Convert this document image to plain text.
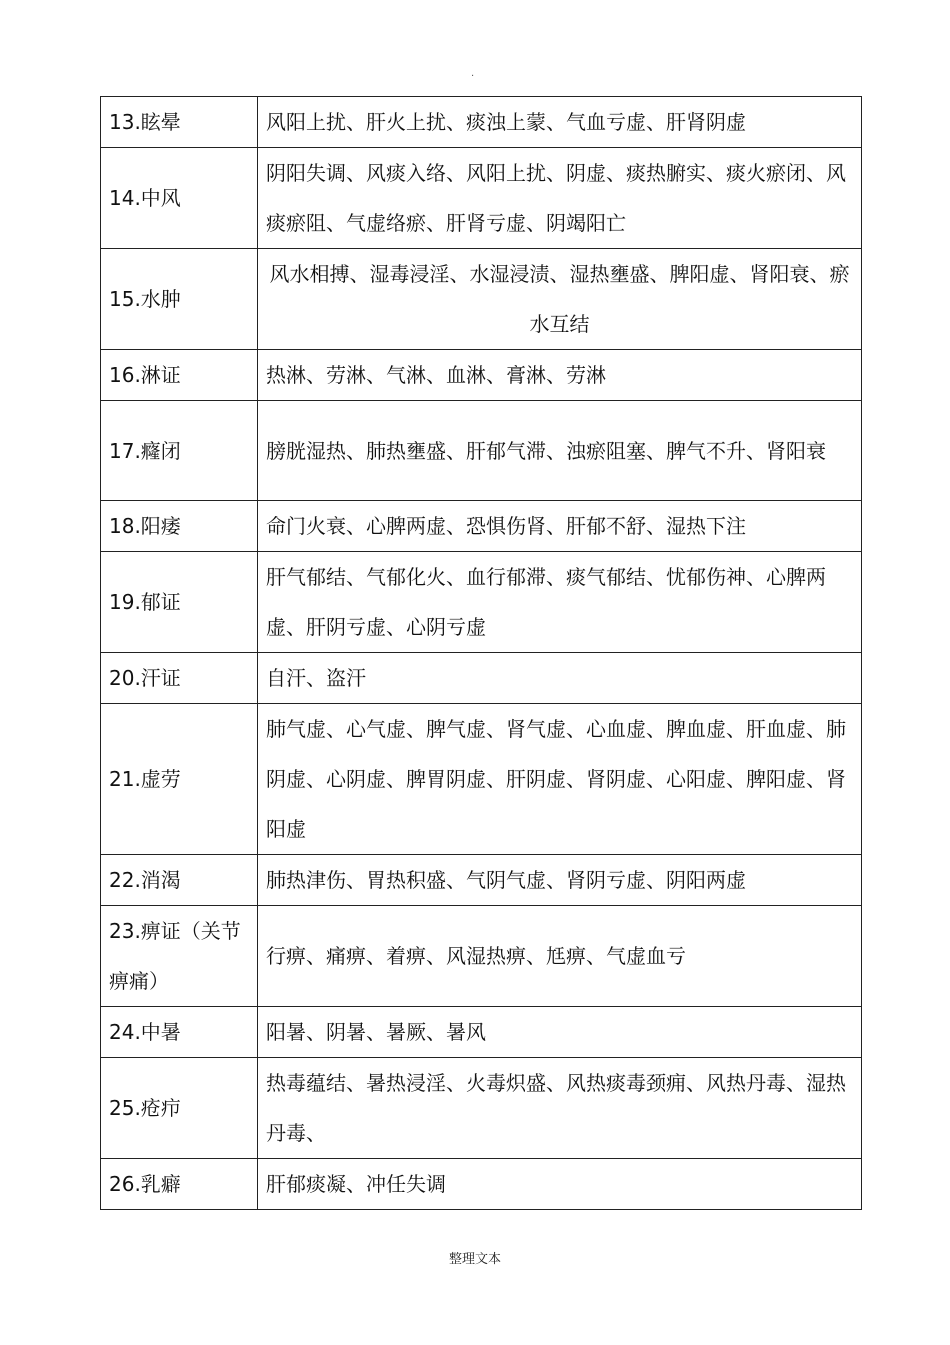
·
13.眩晕	风阳上扰、肝火上扰、痰浊上蒙、气血亏虚、肝肾阴虚
14.中风	阴阳失调、风痰入络、风阳上扰、阴虚、痰热腑实、痰火瘀闭、风痰瘀阻、气虚络瘀、肝肾亏虚、阴竭阳亡
15.水肿	风水相搏、湿毒浸淫、水湿浸渍、湿热壅盛、脾阳虚、肾阳衰、瘀水互结
16.淋证	热淋、劳淋、气淋、血淋、膏淋、劳淋
17.癃闭	膀胱湿热、肺热壅盛、肝郁气滞、浊瘀阻塞、脾气不升、肾阳衰
18.阳痿	命门火衰、心脾两虚、恐惧伤肾、肝郁不舒、湿热下注
19.郁证	肝气郁结、气郁化火、血行郁滞、痰气郁结、忧郁伤神、心脾两虚、肝阴亏虚、心阴亏虚
20.汗证	自汗、盗汗
21.虚劳	肺气虚、心气虚、脾气虚、肾气虚、心血虚、脾血虚、肝血虚、肺阴虚、心阴虚、脾胃阴虚、肝阴虚、肾阴虚、心阳虚、脾阳虚、肾阳虚
22.消渴	肺热津伤、胃热积盛、气阴气虚、肾阴亏虚、阴阳两虚
23.痹证（关节痹痛）	行痹、痛痹、着痹、风湿热痹、尪痹、气虚血亏
24.中暑	阳暑、阴暑、暑厥、暑风
25.疮疖	热毒蕴结、暑热浸淫、火毒炽盛、风热痰毒颈痈、风热丹毒、湿热丹毒、
26.乳癖	肝郁痰凝、冲任失调
整理文本
